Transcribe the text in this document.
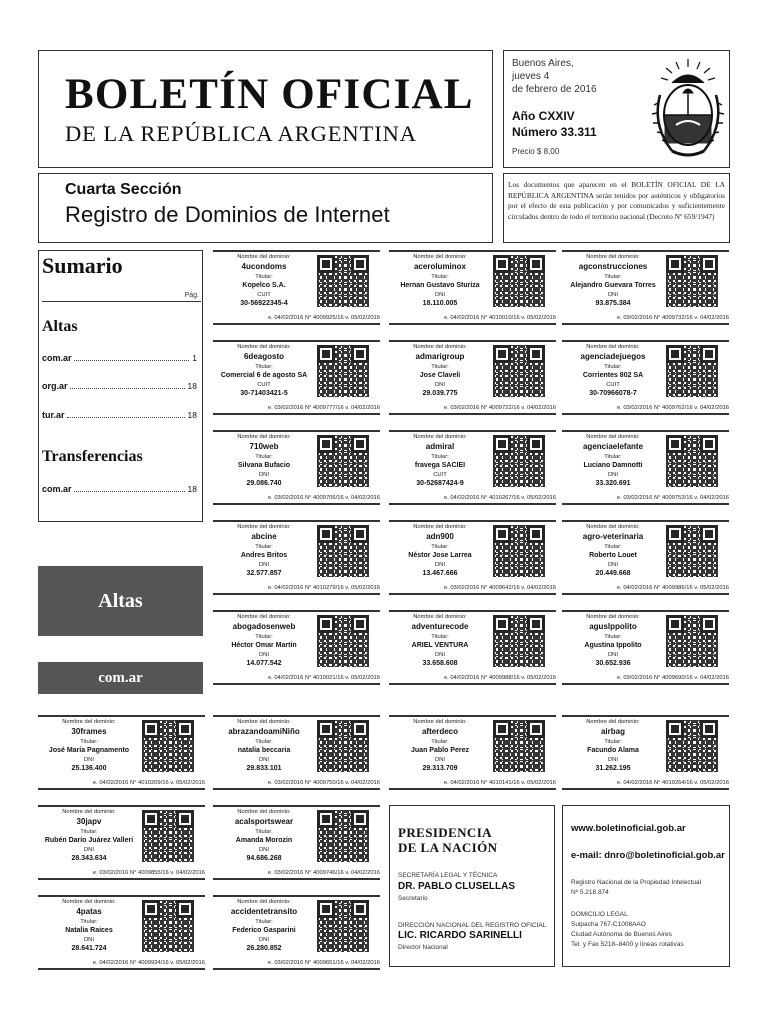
BOLETÍN OFICIAL
DE LA REPÚBLICA ARGENTINA
Buenos Aires,
jueves 4
de febrero de 2016
Año CXXIV
Número 33.311
Precio $ 8,00
Cuarta Sección
Registro de Dominios de Internet
Los documentos que aparecen en el BOLETÍN OFICIAL DE LA REPÚBLICA ARGENTINA serán tenidos por auténticos y obligatorios por el efecto de esta publicación y por comunicados y suficientemente circulados dentro de todo el territorio nacional (Decreto Nº 659/1947)
Sumario
Pág.
Altas
com.ar	1
org.ar	18
tur.ar	18
Transferencias
com.ar	18
Altas
com.ar
Nombre del dominio:
4ucondoms
Titular:
Kopelco S.A.
CUIT
30-56922345-4
e. 04/02/2016 N° 4009925/16 v. 05/02/2016
Nombre del dominio:
aceroluminox
Titular:
Hernan Gustavo Sturiza
DNI
18.110.005
e. 04/02/2016 N° 4010010/16 v. 05/02/2016
Nombre del dominio:
agconstrucciones
Titular:
Alejandro Guevara Torres
DNI
93.875.384
e. 03/02/2016 N° 4009732/16 v. 04/02/2016
Nombre del dominio:
6deagosto
Titular:
Comercial 6 de agosto SA
CUIT
30-71403421-5
e. 03/02/2016 N° 4009777/16 v. 04/02/2016
Nombre del dominio:
admarigroup
Titular:
Jose Claveli
DNI
29.039.775
e. 03/02/2016 N° 4009722/16 v. 04/02/2016
Nombre del dominio:
agenciadejuegos
Titular:
Corrientes 802 SA
CUIT
30-70966078-7
e. 03/02/2016 N° 4009762/16 v. 04/02/2016
Nombre del dominio:
710web
Titular:
Silvana Bufacio
DNI
29.086.740
e. 03/02/2016 N° 4009706/16 v. 04/02/2016
Nombre del dominio:
admiral
Titular:
fravega SACIEI
CUIT
30-52687424-9
e. 04/02/2016 N° 4010267/16 v. 05/02/2016
Nombre del dominio:
agenciaelefante
Titular:
Luciano Damnotti
DNI
33.320.691
e. 03/02/2016 N° 4009753/16 v. 04/02/2016
Nombre del dominio:
abcine
Titular:
Andres Britos
DNI
32.577.857
e. 04/02/2016 N° 4010279/16 v. 05/02/2016
Nombre del dominio:
adn900
Titular:
Néstor Jose Larrea
DNI
13.467.666
e. 03/02/2016 N° 4009642/16 v. 04/02/2016
Nombre del dominio:
agro-veterinaria
Titular:
Roberto Louet
DNI
20.449.668
e. 04/02/2016 N° 4009986/16 v. 05/02/2016
Nombre del dominio:
abogadosenweb
Titular:
Héctor Omar Martín
DNI
14.077.542
e. 04/02/2016 N° 4010021/16 v. 05/02/2016
Nombre del dominio:
adventurecode
Titular:
ARIEL VENTURA
DNI
33.658.608
e. 04/02/2016 N° 4009988/16 v. 05/02/2016
Nombre del dominio:
aguslppolito
Titular:
Agustina Ippolito
DNI
30.652.936
e. 03/02/2016 N° 4009690/16 v. 04/02/2016
Nombre del dominio:
30frames
Titular:
José María Pagnamento
DNI
25.136.400
e. 04/02/2016 N° 4010209/16 v. 05/02/2016
Nombre del dominio:
abrazandoamiNiño
Titular:
natalia beccaria
DNI
29.833.101
e. 03/02/2016 N° 4009750/16 v. 04/02/2016
Nombre del dominio:
afterdeco
Titular:
Juan Pablo Perez
DNI
29.313.709
e. 04/02/2016 N° 4010141/16 v. 05/02/2016
Nombre del dominio:
airbag
Titular:
Facundo Alama
DNI
31.262.195
e. 04/02/2016 N° 4010264/16 v. 05/02/2016
Nombre del dominio:
30japv
Titular:
Rubén Darío Juárez Valleri
DNI
28.343.634
e. 03/02/2016 N° 4009855/16 v. 04/02/2016
Nombre del dominio:
acalsportswear
Titular:
Amanda Morozin
DNI
94.686.268
e. 03/02/2016 N° 4009746/16 v. 04/02/2016
Nombre del dominio:
4patas
Titular:
Natalia Raices
DNI
28.641.724
e. 04/02/2016 N° 4009934/16 v. 05/02/2016
Nombre del dominio:
accidentetransito
Titular:
Federico Gasparini
DNI
26.280.852
e. 03/02/2016 N° 4009651/16 v. 04/02/2016
PRESIDENCIA
DE LA NACIÓN
SECRETARÍA LEGAL Y TÉCNICA
DR. PABLO CLUSELLAS
Secretario
DIRECCIÓN NACIONAL DEL REGISTRO OFICIAL
LIC. RICARDO SARINELLI
Director Nacional
www.boletinoficial.gob.ar
e-mail: dnro@boletinoficial.gob.ar
Registro Nacional de la Propiedad Intelectual
Nº 5.218.874
DOMICILIO LEGAL
Suipacha 767-C1008AAO
Ciudad Autónoma de Buenos Aires
Tel. y Fax 5218–8400 y líneas rotativas
